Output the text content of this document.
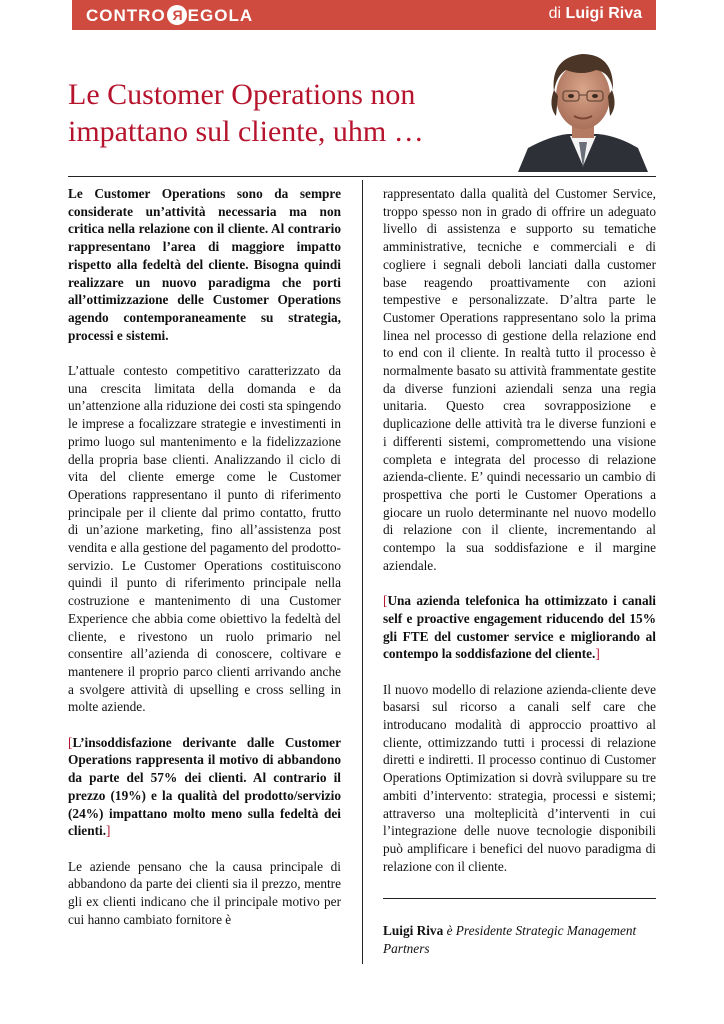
CONTRO R EGOLA	di Luigi Riva
Le Customer Operations non
impattano sul cliente, uhm …

Le Customer Operations sono da sempre considerate un’attività necessaria ma non critica nella relazione con il cliente. Al contrario rappresentano l’area di maggiore impatto rispetto alla fedeltà del cliente. Bisogna quindi realizzare un nuovo paradigma che porti all’ottimizzazione delle Customer Operations agendo contemporaneamente su strategia, processi e sistemi.

L’attuale contesto competitivo caratterizzato da una crescita limitata della domanda e da un’attenzione alla riduzione dei costi sta spingendo le imprese a focalizzare strategie e investimenti in primo luogo sul mantenimento e la fidelizzazione della propria base clienti. Analizzando il ciclo di vita del cliente emerge come le Customer Operations rappresentano il punto di riferimento principale per il cliente dal primo contatto, frutto di un’azione marketing, fino all’assistenza post vendita e alla gestione del pagamento del prodotto-servizio. Le Customer Operations costituiscono quindi il punto di riferimento principale nella costruzione e mantenimento di una Customer Experience che abbia come obiettivo la fedeltà del cliente, e rivestono un ruolo primario nel consentire all’azienda di conoscere, coltivare e mantenere il proprio parco clienti arrivando anche a svolgere attività di upselling e cross selling in molte aziende.

[L’insoddisfazione derivante dalle Customer Operations rappresenta il motivo di abbandono da parte del 57% dei clienti. Al contrario il prezzo (19%) e la qualità del prodotto/servizio (24%) impattano molto meno sulla fedeltà dei clienti.]

Le aziende pensano che la causa principale di abbandono da parte dei clienti sia il prezzo, mentre gli ex clienti indicano che il principale motivo per cui hanno cambiato fornitore è

rappresentato dalla qualità del Customer Service, troppo spesso non in grado di offrire un adeguato livello di assistenza e supporto su tematiche amministrative, tecniche e commerciali e di cogliere i segnali deboli lanciati dalla customer base reagendo proattivamente con azioni tempestive e personalizzate. D’altra parte le Customer Operations rappresentano solo la prima linea nel processo di gestione della relazione end to end con il cliente. In realtà tutto il processo è normalmente basato su attività frammentate gestite da diverse funzioni aziendali senza una regia unitaria. Questo crea sovrapposizione e duplicazione delle attività tra le diverse funzioni e i differenti sistemi, compromettendo una visione completa e integrata del processo di relazione azienda-cliente. E’ quindi necessario un cambio di prospettiva che porti le Customer Operations a giocare un ruolo determinante nel nuovo modello di relazione con il cliente, incrementando al contempo la sua soddisfazione e il margine aziendale.

[Una azienda telefonica ha ottimizzato i canali self e proactive engagement riducendo del 15% gli FTE del customer service e migliorando al contempo la soddisfazione del cliente.]

Il nuovo modello di relazione azienda-cliente deve basarsi sul ricorso a canali self care che introducano modalità di approccio proattivo al cliente, ottimizzando tutti i processi di relazione diretti e indiretti. Il processo continuo di Customer Operations Optimization si dovrà sviluppare su tre ambiti d’intervento: strategia, processi e sistemi; attraverso una molteplicità d’interventi in cui l’integrazione delle nuove tecnologie disponibili può amplificare i benefici del nuovo paradigma di relazione con il cliente.

Luigi Riva è Presidente Strategic Management Partners
